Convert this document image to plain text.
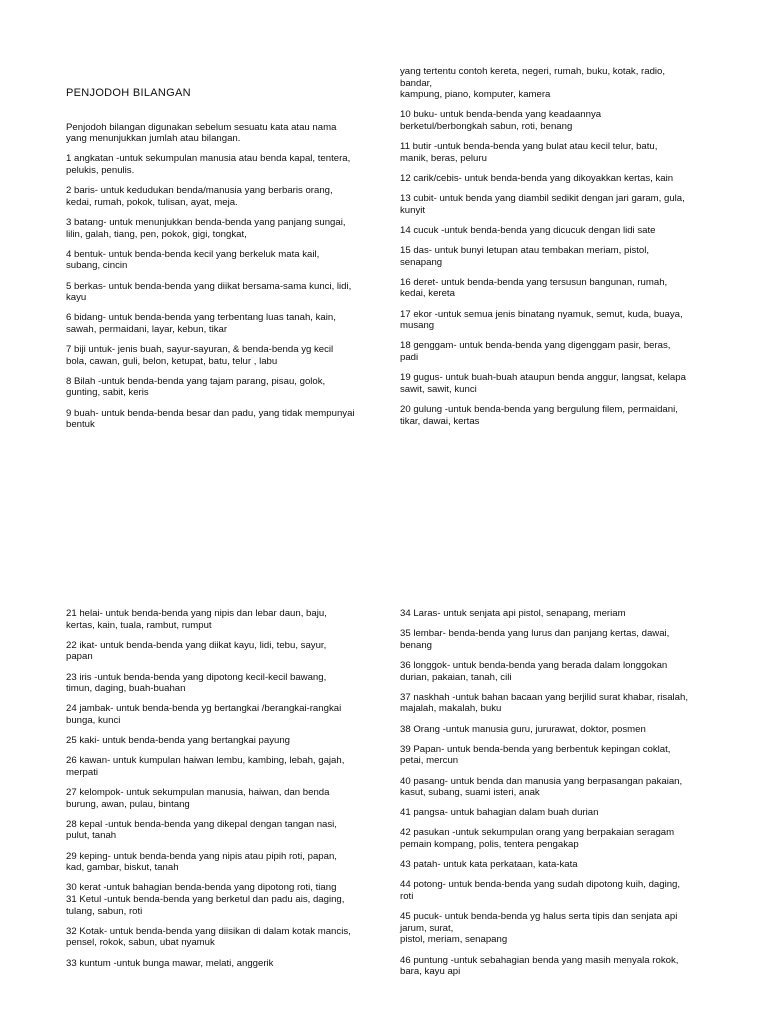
PENJODOH BILANGAN

Penjodoh bilangan digunakan sebelum sesuatu kata atau nama
yang menunjukkan jumlah atau bilangan.

1 angkatan -untuk sekumpulan manusia atau benda kapal, tentera,
pelukis, penulis.

2 baris- untuk kedudukan benda/manusia yang berbaris orang,
kedai, rumah, pokok, tulisan, ayat, meja.

3 batang- untuk menunjukkan benda-benda yang panjang sungai,
lilin, galah, tiang, pen, pokok, gigi, tongkat,

4 bentuk- untuk benda-benda kecil yang berkeluk mata kail,
subang, cincin

5 berkas- untuk benda-benda yang diikat bersama-sama kunci, lidi,
kayu

6 bidang- untuk benda-benda yang terbentang luas tanah, kain,
sawah, permaidani, layar, kebun, tikar

7 biji untuk- jenis buah, sayur-sayuran, & benda-benda yg kecil
bola, cawan, guli, belon, ketupat, batu, telur , labu

8 Bilah -untuk benda-benda yang tajam parang, pisau, golok,
gunting, sabit, keris

9 buah- untuk benda-benda besar dan padu, yang tidak mempunyai
bentuk

yang tertentu contoh kereta, negeri, rumah, buku, kotak, radio,
bandar,
kampung, piano, komputer, kamera

10 buku- untuk benda-benda yang keadaannya
berketul/berbongkah sabun, roti, benang

11 butir -untuk benda-benda yang bulat atau kecil telur, batu,
manik, beras, peluru

12 carik/cebis- untuk benda-benda yang dikoyakkan kertas, kain

13 cubit- untuk benda yang diambil sedikit dengan jari garam, gula,
kunyit

14 cucuk -untuk benda-benda yang dicucuk dengan lidi sate

15 das- untuk bunyi letupan atau tembakan meriam, pistol,
senapang

16 deret- untuk benda-benda yang tersusun bangunan, rumah,
kedai, kereta

17 ekor -untuk semua jenis binatang nyamuk, semut, kuda, buaya,
musang

18 genggam- untuk benda-benda yang digenggam pasir, beras,
padi

19 gugus- untuk buah-buah ataupun benda anggur, langsat, kelapa
sawit, sawit, kunci

20 gulung -untuk benda-benda yang bergulung filem, permaidani,
tikar, dawai, kertas

21 helai- untuk benda-benda yang nipis dan lebar daun, baju,
kertas, kain, tuala, rambut, rumput

22 ikat- untuk benda-benda yang diikat kayu, lidi, tebu, sayur,
papan

23 iris -untuk benda-benda yang dipotong kecil-kecil bawang,
timun, daging, buah-buahan

24 jambak- untuk benda-benda yg bertangkai /berangkai-rangkai
bunga, kunci

25 kaki- untuk benda-benda yang bertangkai payung

26 kawan- untuk kumpulan haiwan lembu, kambing, lebah, gajah,
merpati

27 kelompok- untuk sekumpulan manusia, haiwan, dan benda
burung, awan, pulau, bintang

28 kepal -untuk benda-benda yang dikepal dengan tangan nasi,
pulut, tanah

29 keping- untuk benda-benda yang nipis atau pipih roti, papan,
kad, gambar, biskut, tanah

30 kerat -untuk bahagian benda-benda yang dipotong roti, tiang
31 Ketul -untuk benda-benda yang berketul dan padu ais, daging,
tulang, sabun, roti

32 Kotak- untuk benda-benda yang diisikan di dalam kotak mancis,
pensel, rokok, sabun, ubat nyamuk

33 kuntum -untuk bunga mawar, melati, anggerik

34 Laras- untuk senjata api pistol, senapang, meriam

35 lembar- benda-benda yang lurus dan panjang kertas, dawai,
benang

36 longgok- untuk benda-benda yang berada dalam longgokan
durian, pakaian, tanah, cili

37 naskhah -untuk bahan bacaan yang berjilid surat khabar, risalah,
majalah, makalah, buku

38 Orang -untuk manusia guru, jururawat, doktor, posmen

39 Papan- untuk benda-benda yang berbentuk kepingan coklat,
petai, mercun

40 pasang- untuk benda dan manusia yang berpasangan pakaian,
kasut, subang, suami isteri, anak

41 pangsa- untuk bahagian dalam buah durian

42 pasukan -untuk sekumpulan orang yang berpakaian seragam
pemain kompang, polis, tentera pengakap

43 patah- untuk kata perkataan, kata-kata

44 potong- untuk benda-benda yang sudah dipotong kuih, daging,
roti

45 pucuk- untuk benda-benda yg halus serta tipis dan senjata api
jarum, surat,
pistol, meriam, senapang

46 puntung -untuk sebahagian benda yang masih menyala rokok,
bara, kayu api
